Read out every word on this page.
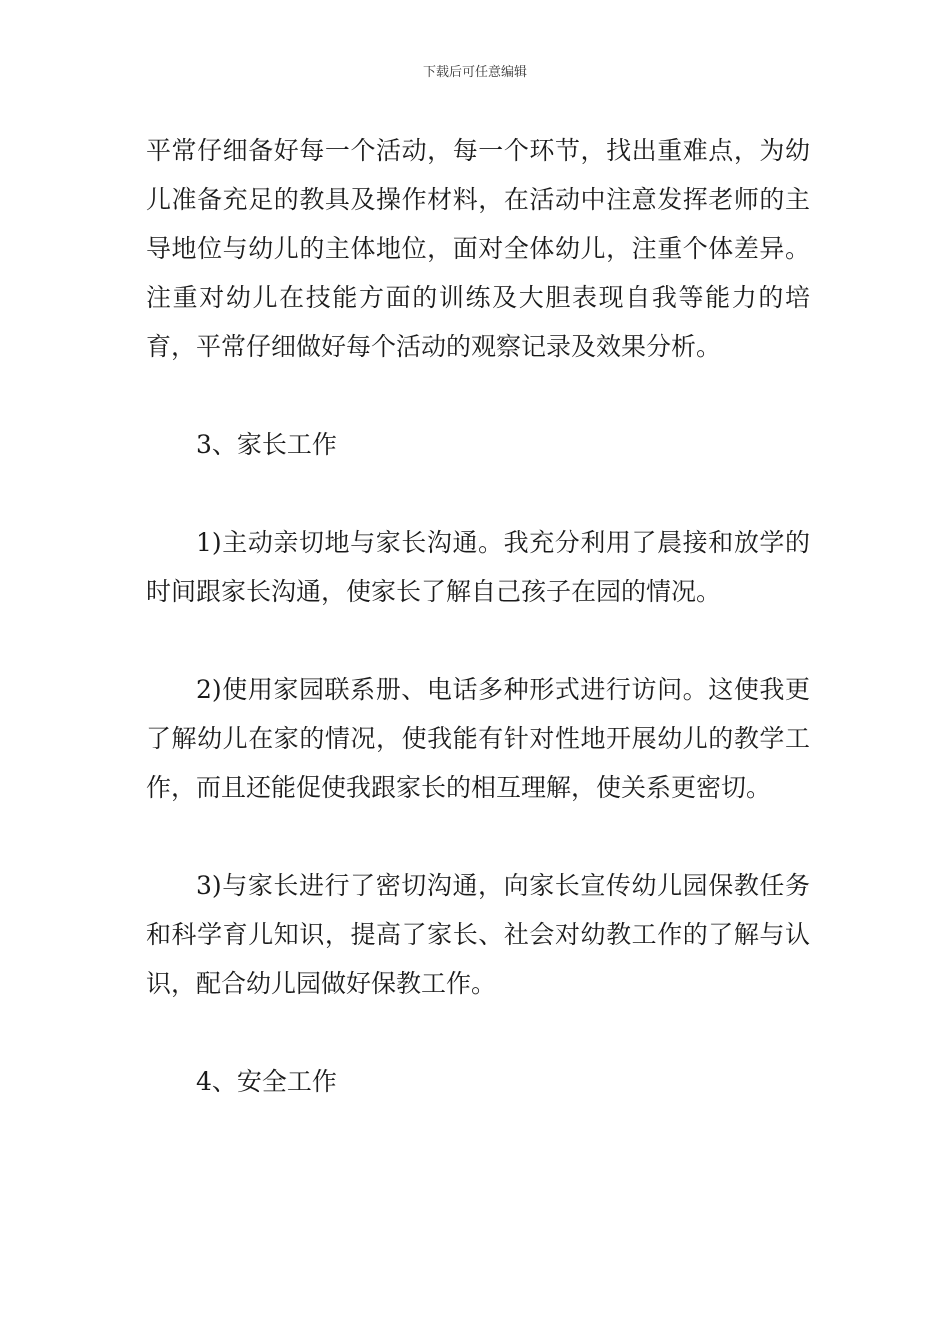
下载后可任意编辑

平常仔细备好每一个活动，每一个环节，找出重难点，为幼儿准备充足的教具及操作材料，在活动中注意发挥老师的主导地位与幼儿的主体地位，面对全体幼儿，注重个体差异。注重对幼儿在技能方面的训练及大胆表现自我等能力的培育，平常仔细做好每个活动的观察记录及效果分析。

3、家长工作

1)主动亲切地与家长沟通。我充分利用了晨接和放学的时间跟家长沟通，使家长了解自己孩子在园的情况。

2)使用家园联系册、电话多种形式进行访问。这使我更了解幼儿在家的情况，使我能有针对性地开展幼儿的教学工作，而且还能促使我跟家长的相互理解，使关系更密切。

3)与家长进行了密切沟通，向家长宣传幼儿园保教任务和科学育儿知识，提高了家长、社会对幼教工作的了解与认识，配合幼儿园做好保教工作。

4、安全工作
